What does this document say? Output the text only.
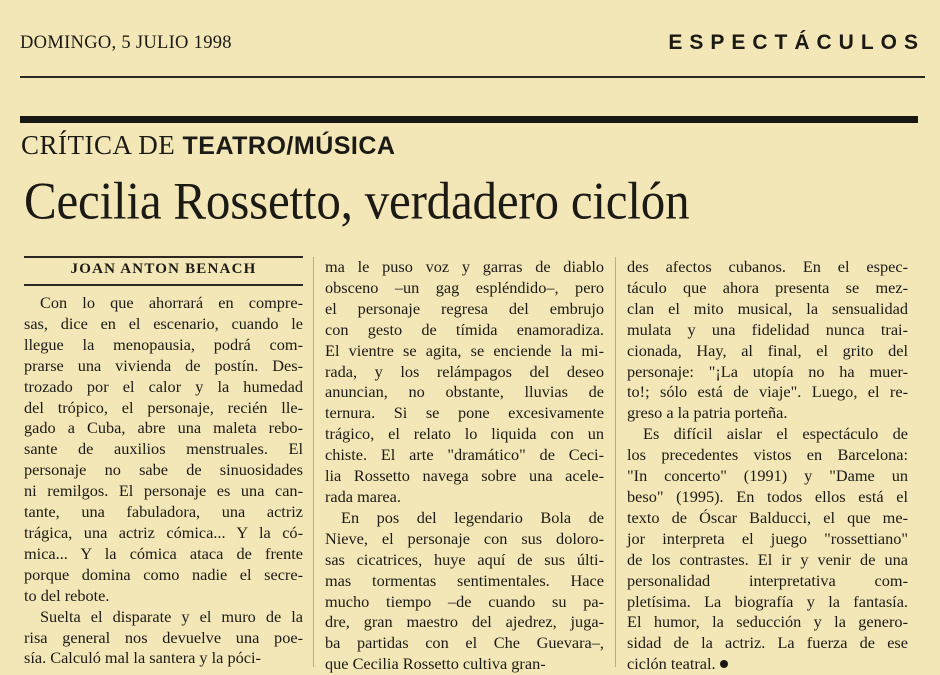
DOMINGO, 5 JULIO 1998	ESPECTÁCULOS
CRÍTICA DE TEATRO/MÚSICA
Cecilia Rossetto, verdadero ciclón
JOAN ANTON BENACH
Con lo que ahorrará en compre-
sas, dice en el escenario, cuando le
llegue la menopausia, podrá com-
prarse una vivienda de postín. Des-
trozado por el calor y la humedad
del trópico, el personaje, recién lle-
gado a Cuba, abre una maleta rebo-
sante de auxilios menstruales. El
personaje no sabe de sinuosidades
ni remilgos. El personaje es una can-
tante, una fabuladora, una actriz
trágica, una actriz cómica... Y la có-
mica... Y la cómica ataca de frente
porque domina como nadie el secre-
to del rebote.
Suelta el disparate y el muro de la
risa general nos devuelve una poe-
sía. Calculó mal la santera y la póci-
ma le puso voz y garras de diablo
obsceno –un gag espléndido–, pero
el personaje regresa del embrujo
con gesto de tímida enamoradiza.
El vientre se agita, se enciende la mi-
rada, y los relámpagos del deseo
anuncian, no obstante, lluvias de
ternura. Si se pone excesivamente
trágico, el relato lo liquida con un
chiste. El arte "dramático" de Ceci-
lia Rossetto navega sobre una acele-
rada marea.
En pos del legendario Bola de
Nieve, el personaje con sus doloro-
sas cicatrices, huye aquí de sus últi-
mas tormentas sentimentales. Hace
mucho tiempo –de cuando su pa-
dre, gran maestro del ajedrez, juga-
ba partidas con el Che Guevara–,
que Cecilia Rossetto cultiva gran-
des afectos cubanos. En el espec-
táculo que ahora presenta se mez-
clan el mito musical, la sensualidad
mulata y una fidelidad nunca trai-
cionada, Hay, al final, el grito del
personaje: "¡La utopía no ha muer-
to!; sólo está de viaje". Luego, el re-
greso a la patria porteña.
Es difícil aislar el espectáculo de
los precedentes vistos en Barcelona:
"In concerto" (1991) y "Dame un
beso" (1995). En todos ellos está el
texto de Óscar Balducci, el que me-
jor interpreta el juego "rossettiano"
de los contrastes. El ir y venir de una
personalidad interpretativa com-
pletísima. La biografía y la fantasía.
El humor, la seducción y la genero-
sidad de la actriz. La fuerza de ese
ciclón teatral.
